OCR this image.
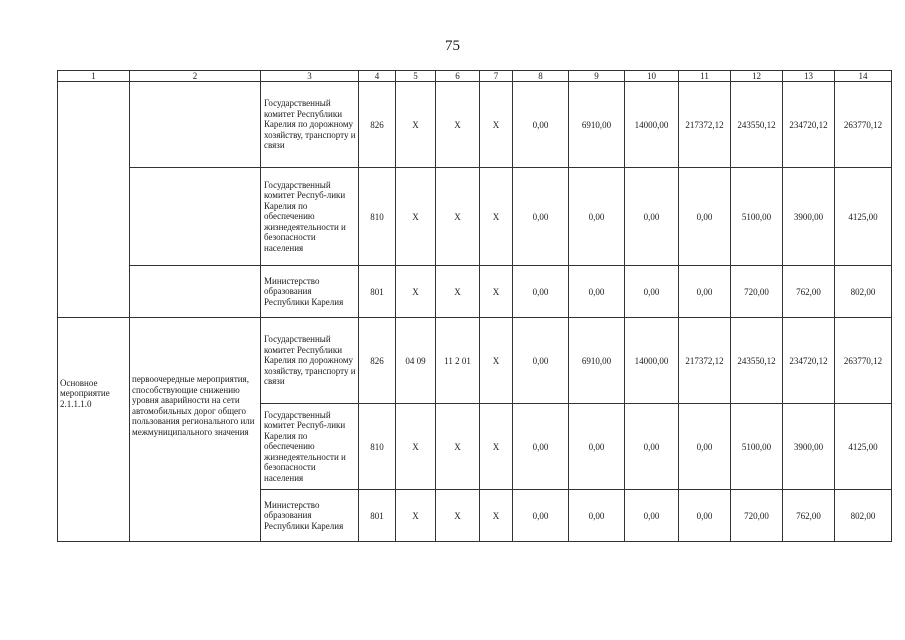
75
1	2	3	4	5	6	7	8	9	10	11	12	13	14
		Государственный комитет Республики Карелия по дорожному хозяйству, транспорту и связи	826	X	X	X	0,00	6910,00	14000,00	217372,12	243550,12	234720,12	263770,12
		Государственный комитет Респуб-лики Карелия по обеспечению жизнедеятельности и безопасности населения	810	X	X	X	0,00	0,00	0,00	0,00	5100,00	3900,00	4125,00
		Министерство образования Республики Карелия	801	X	X	X	0,00	0,00	0,00	0,00	720,00	762,00	802,00
Основное мероприятие 2.1.1.1.0	первоочередные мероприятия, способствующие снижению уровня аварийности на сети автомобильных дорог общего пользования регионального или межмуниципального значения	Государственный комитет Республики Карелия по дорожному хозяйству, транспорту и связи	826	04 09	11 2 01	X	0,00	6910,00	14000,00	217372,12	243550,12	234720,12	263770,12
		Государственный комитет Респуб-лики Карелия по обеспечению жизнедеятельности и безопасности населения	810	X	X	X	0,00	0,00	0,00	0,00	5100,00	3900,00	4125,00
		Министерство образования Республики Карелия	801	X	X	X	0,00	0,00	0,00	0,00	720,00	762,00	802,00
